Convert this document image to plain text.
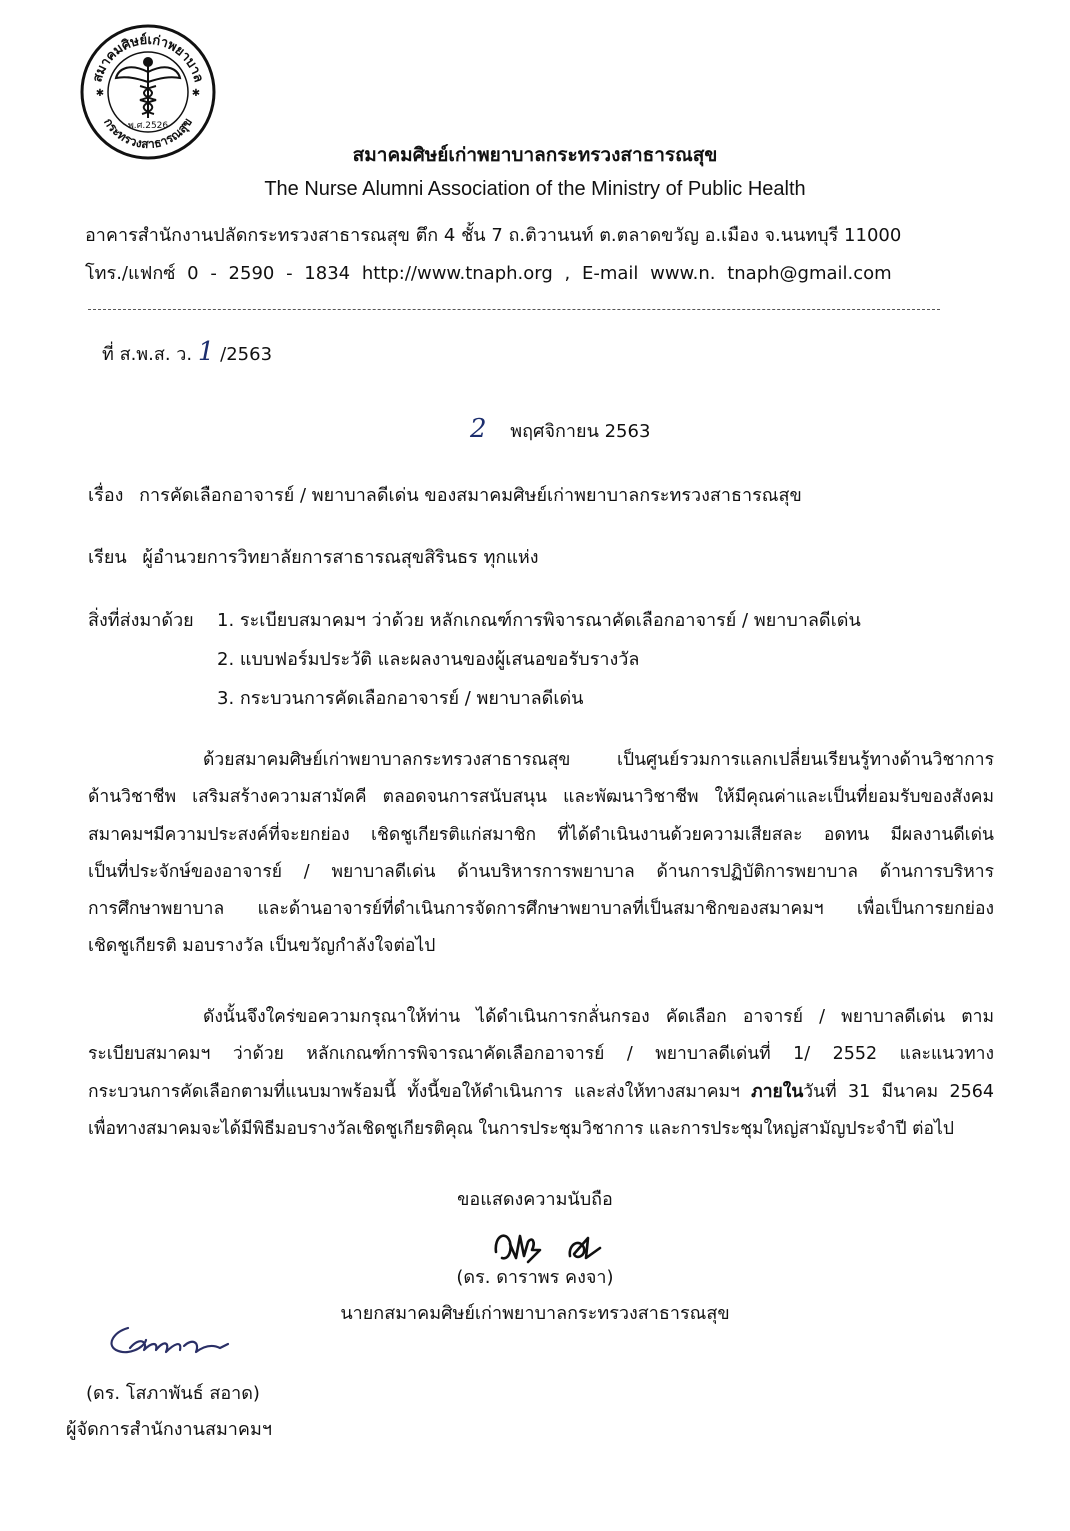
สมาคมศิษย์เก่าพยาบาล
กระทรวงสาธารณสุข
พ.ศ.2526
✱	✱
สมาคมศิษย์เก่าพยาบาลกระทรวงสาธารณสุข
The Nurse Alumni Association of the Ministry of Public Health
อาคารสำนักงานปลัดกระทรวงสาธารณสุข ตึก 4 ชั้น 7 ถ.ติวานนท์ ต.ตลาดขวัญ อ.เมือง จ.นนทบุรี 11000
โทร./แฟกซ์ 0 - 2590 - 1834 http://www.tnaph.org , E-mail www.n. tnaph@gmail.com
ที่ ส.พ.ส. ว. 1 /2563
2 พฤศจิกายน 2563
เรื่อง การคัดเลือกอาจารย์ / พยาบาลดีเด่น ของสมาคมศิษย์เก่าพยาบาลกระทรวงสาธารณสุข
เรียน ผู้อำนวยการวิทยาลัยการสาธารณสุขสิรินธร ทุกแห่ง
สิ่งที่ส่งมาด้วย 1. ระเบียบสมาคมฯ ว่าด้วย หลักเกณฑ์การพิจารณาคัดเลือกอาจารย์ / พยาบาลดีเด่น
2. แบบฟอร์มประวัติ และผลงานของผู้เสนอขอรับรางวัล
3. กระบวนการคัดเลือกอาจารย์ / พยาบาลดีเด่น
ด้วยสมาคมศิษย์เก่าพยาบาลกระทรวงสาธารณสุข เป็นศูนย์รวมการแลกเปลี่ยนเรียนรู้ทางด้านวิชาการ
ด้านวิชาชีพ เสริมสร้างความสามัคคี ตลอดจนการสนับสนุน และพัฒนาวิชาชีพ ให้มีคุณค่าและเป็นที่ยอมรับของสังคม
สมาคมฯมีความประสงค์ที่จะยกย่อง เชิดชูเกียรติแก่สมาชิก ที่ได้ดำเนินงานด้วยความเสียสละ อดทน มีผลงานดีเด่น
เป็นที่ประจักษ์ของอาจารย์ / พยาบาลดีเด่น ด้านบริหารการพยาบาล ด้านการปฏิบัติการพยาบาล ด้านการบริหาร
การศึกษาพยาบาล และด้านอาจารย์ที่ดำเนินการจัดการศึกษาพยาบาลที่เป็นสมาชิกของสมาคมฯ เพื่อเป็นการยกย่อง
เชิดชูเกียรติ มอบรางวัล เป็นขวัญกำลังใจต่อไป
ดังนั้นจึงใคร่ขอความกรุณาให้ท่าน ได้ดำเนินการกลั่นกรอง คัดเลือก อาจารย์ / พยาบาลดีเด่น ตาม
ระเบียบสมาคมฯ ว่าด้วย หลักเกณฑ์การพิจารณาคัดเลือกอาจารย์ / พยาบาลดีเด่นที่ 1/ 2552 และแนวทาง
กระบวนการคัดเลือกตามที่แนบมาพร้อมนี้ ทั้งนี้ขอให้ดำเนินการ และส่งให้ทางสมาคมฯ ภายในวันที่ 31 มีนาคม 2564
เพื่อทางสมาคมจะได้มีพิธีมอบรางวัลเชิดชูเกียรติคุณ ในการประชุมวิชาการ และการประชุมใหญ่สามัญประจำปี ต่อไป
ขอแสดงความนับถือ
(ดร. ดาราพร คงจา)
นายกสมาคมศิษย์เก่าพยาบาลกระทรวงสาธารณสุข
(ดร. โสภาพันธ์ สอาด)
ผู้จัดการสำนักงานสมาคมฯ
